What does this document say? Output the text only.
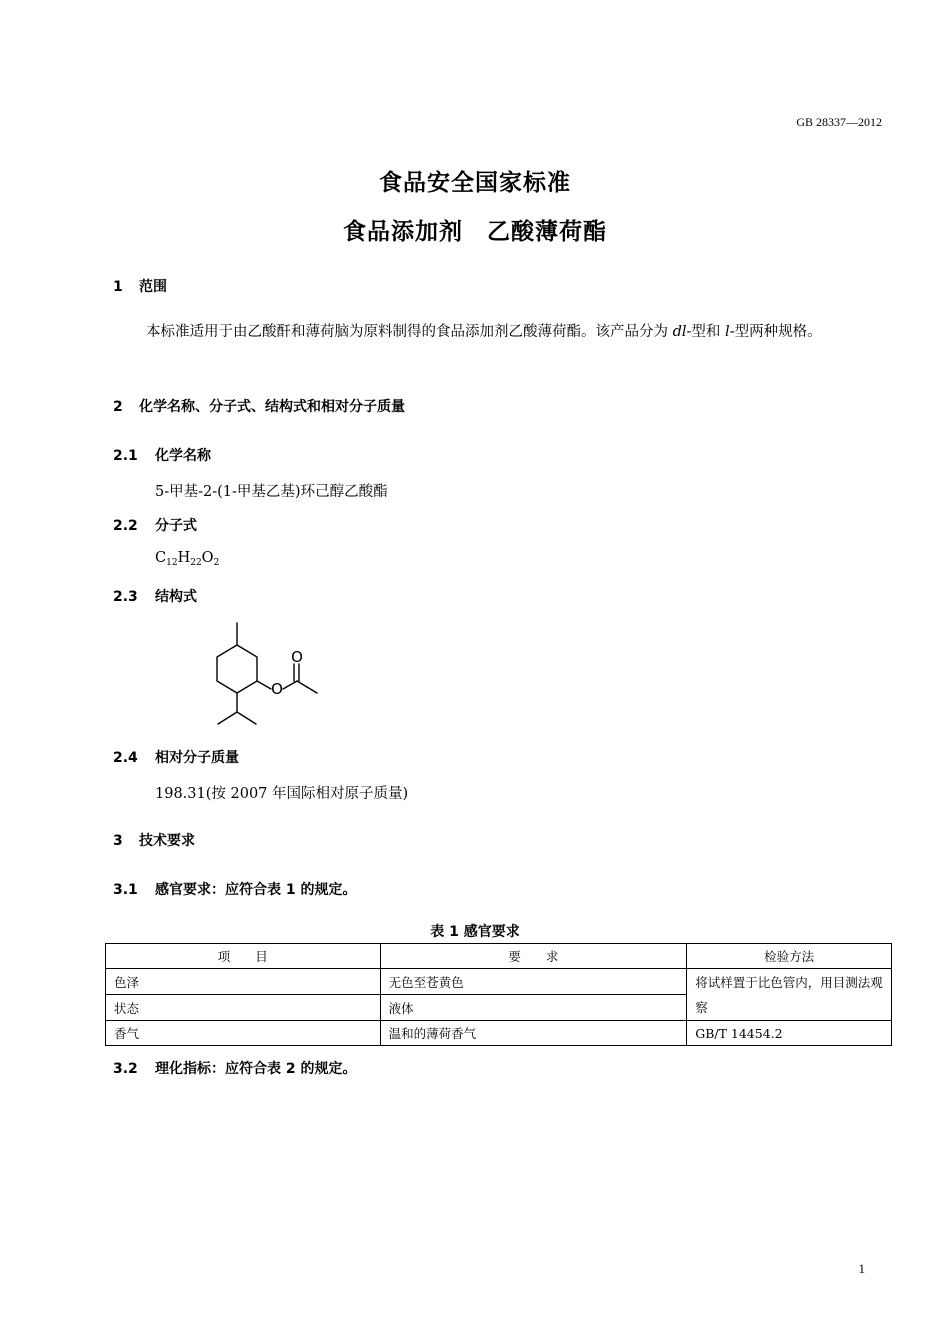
GB 28337—2012
食品安全国家标准
食品添加剂　乙酸薄荷酯
1 范围
本标准适用于由乙酸酐和薄荷脑为原料制得的食品添加剂乙酸薄荷酯。该产品分为 dl-型和 l-型两种规格。
2 化学名称、分子式、结构式和相对分子质量
2.1 化学名称
5-甲基-2-(1-甲基乙基)环己醇乙酸酯
2.2 分子式
$C_{12}H_{22}O_2$
2.3 结构式
O
O
2.4 相对分子质量
198.31(按 2007 年国际相对原子质量)
3 技术要求
3.1 感官要求：应符合表 1 的规定。
表 1 感官要求
项　　目	要　　求	检验方法
色泽	无色至苍黄色	将试样置于比色管内，用目测法观察
状态	液体	
香气	温和的薄荷香气	GB/T 14454.2
3.2 理化指标：应符合表 2 的规定。
1
